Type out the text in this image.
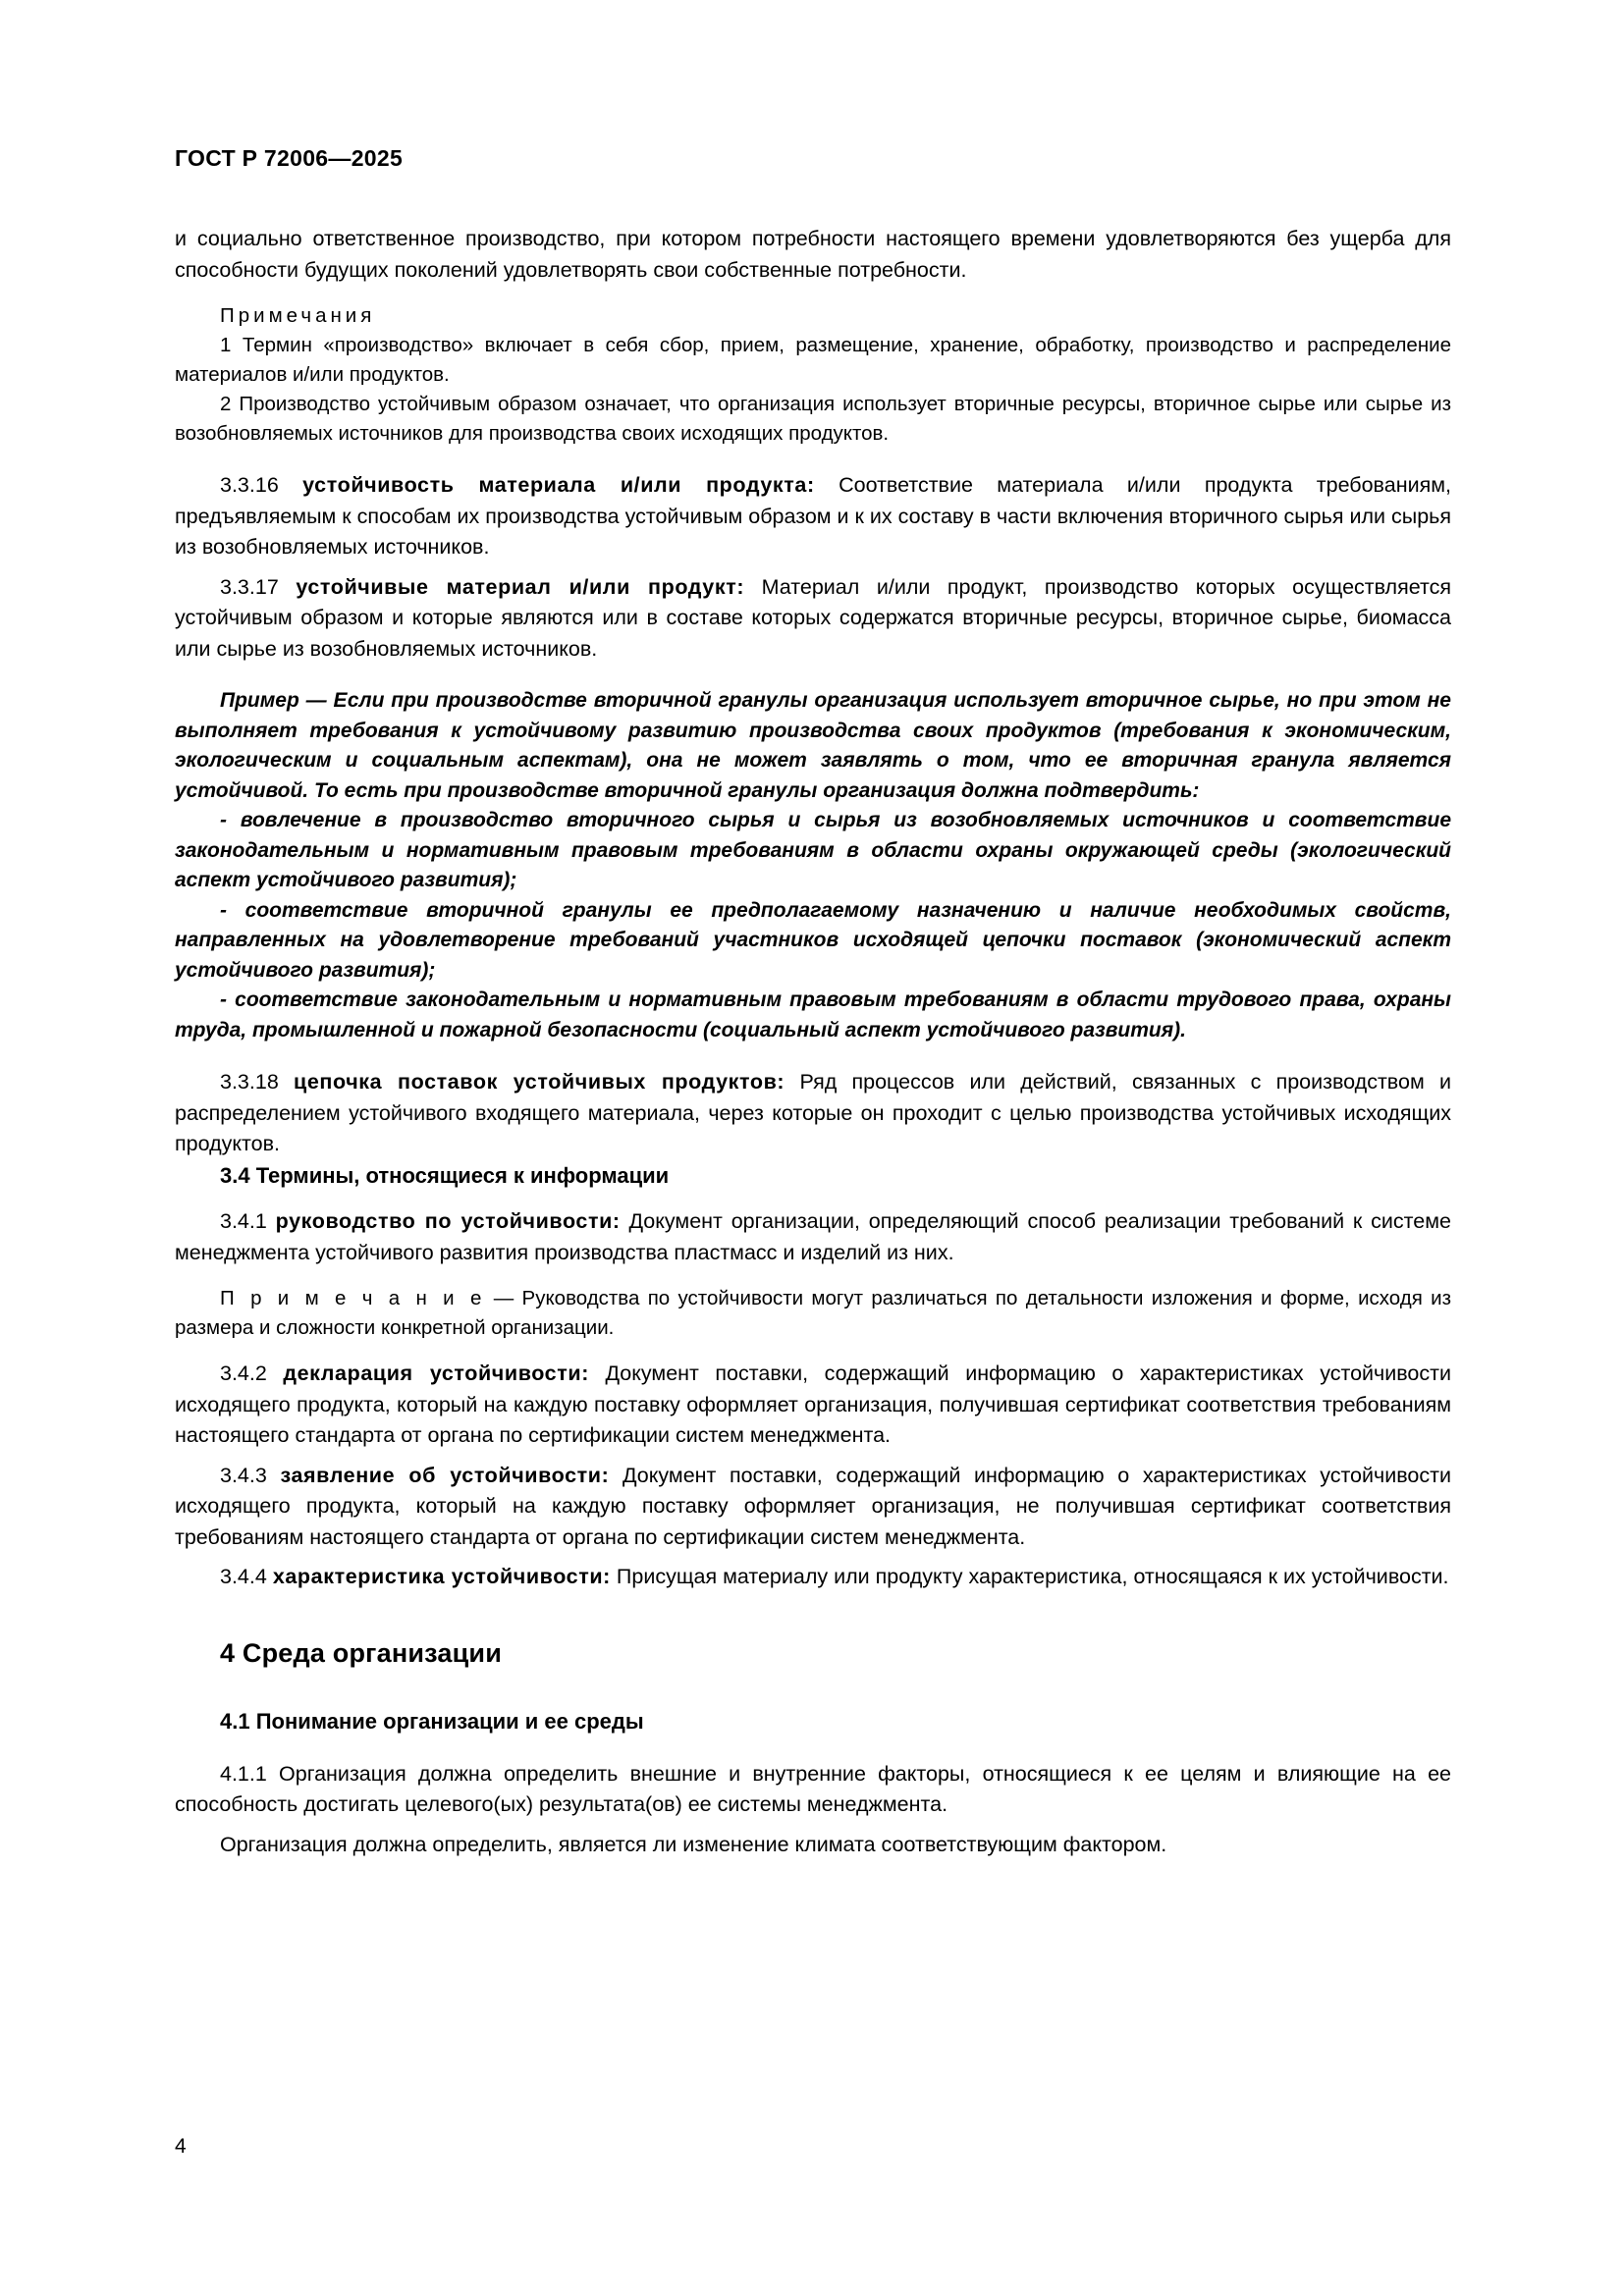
ГОСТ Р 72006—2025

и социально ответственное производство, при котором потребности настоящего времени удовлетворяются без ущерба для способности будущих поколений удовлетворять свои собственные потребности.

Примечания

1 Термин «производство» включает в себя сбор, прием, размещение, хранение, обработку, производство и распределение материалов и/или продуктов.

2 Производство устойчивым образом означает, что организация использует вторичные ресурсы, вторичное сырье или сырье из возобновляемых источников для производства своих исходящих продуктов.

3.3.16 устойчивость материала и/или продукта: Соответствие материала и/или продукта требованиям, предъявляемым к способам их производства устойчивым образом и к их составу в части включения вторичного сырья или сырья из возобновляемых источников.

3.3.17 устойчивые материал и/или продукт: Материал и/или продукт, производство которых осуществляется устойчивым образом и которые являются или в составе которых содержатся вторичные ресурсы, вторичное сырье, биомасса или сырье из возобновляемых источников.

Пример — Если при производстве вторичной гранулы организация использует вторичное сырье, но при этом не выполняет требования к устойчивому развитию производства своих продуктов (требования к экономическим, экологическим и социальным аспектам), она не может заявлять о том, что ее вторичная гранула является устойчивой. То есть при производстве вторичной гранулы организация должна подтвердить:

- вовлечение в производство вторичного сырья и сырья из возобновляемых источников и соответствие законодательным и нормативным правовым требованиям в области охраны окружающей среды (экологический аспект устойчивого развития);

- соответствие вторичной гранулы ее предполагаемому назначению и наличие необходимых свойств, направленных на удовлетворение требований участников исходящей цепочки поставок (экономический аспект устойчивого развития);

- соответствие законодательным и нормативным правовым требованиям в области трудового права, охраны труда, промышленной и пожарной безопасности (социальный аспект устойчивого развития).

3.3.18 цепочка поставок устойчивых продуктов: Ряд процессов или действий, связанных с производством и распределением устойчивого входящего материала, через которые он проходит с целью производства устойчивых исходящих продуктов.

3.4 Термины, относящиеся к информации

3.4.1 руководство по устойчивости: Документ организации, определяющий способ реализации требований к системе менеджмента устойчивого развития производства пластмасс и изделий из них.

П р и м е ч а н и е — Руководства по устойчивости могут различаться по детальности изложения и форме, исходя из размера и сложности конкретной организации.

3.4.2 декларация устойчивости: Документ поставки, содержащий информацию о характеристиках устойчивости исходящего продукта, который на каждую поставку оформляет организация, получившая сертификат соответствия требованиям настоящего стандарта от органа по сертификации систем менеджмента.

3.4.3 заявление об устойчивости: Документ поставки, содержащий информацию о характеристиках устойчивости исходящего продукта, который на каждую поставку оформляет организация, не получившая сертификат соответствия требованиям настоящего стандарта от органа по сертификации систем менеджмента.

3.4.4 характеристика устойчивости: Присущая материалу или продукту характеристика, относящаяся к их устойчивости.

4 Среда организации

4.1 Понимание организации и ее среды

4.1.1 Организация должна определить внешние и внутренние факторы, относящиеся к ее целям и влияющие на ее способность достигать целевого(ых) результата(ов) ее системы менеджмента.

Организация должна определить, является ли изменение климата соответствующим фактором.

4
